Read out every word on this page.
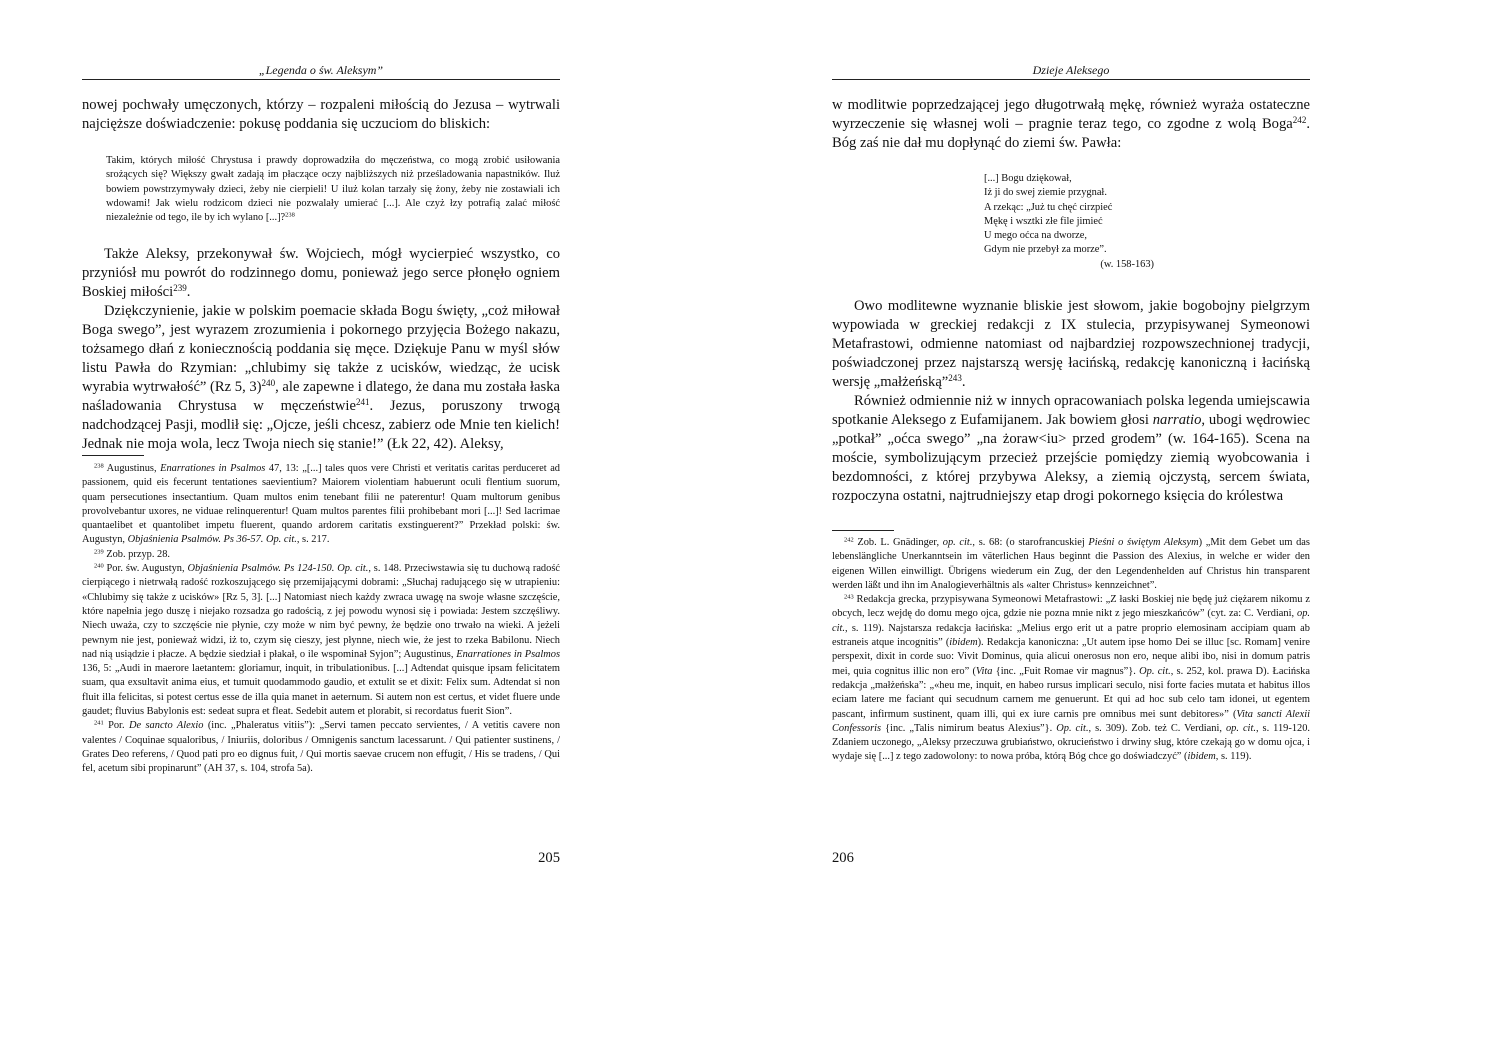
„Legenda o św. Aleksym”

nowej pochwały umęczonych, którzy – rozpaleni miłością do Jezusa – wytrwali najcięższe doświadczenie: pokusę poddania się uczuciom do bliskich:

Takim, których miłość Chrystusa i prawdy doprowadziła do męczeństwa, co mogą zrobić usiłowania srożących się? Większy gwałt zadają im płaczące oczy najbliższych niż prześladowania napastników. Iluż bowiem powstrzymywały dzieci, żeby nie cierpieli! U iluż kolan tarzały się żony, żeby nie zostawiali ich wdowami! Jak wielu rodzicom dzieci nie pozwalały umierać [...]. Ale czyż łzy potrafią zalać miłość niezależnie od tego, ile by ich wylano [...]?$^{238}$

Także Aleksy, przekonywał św. Wojciech, mógł wycierpieć wszystko, co przyniósł mu powrót do rodzinnego domu, ponieważ jego serce płonęło ogniem Boskiej miłości$^{239}$.

Dziękczynienie, jakie w polskim poemacie składa Bogu święty, „coż miłował Boga swego”, jest wyrazem zrozumienia i pokornego przyjęcia Bożego nakazu, tożsamego dłań z koniecznością poddania się męce. Dziękuje Panu w myśl słów listu Pawła do Rzymian: „chlubimy się także z ucisków, wiedząc, że ucisk wyrabia wytrwałość” (Rz 5, 3)$^{240}$, ale zapewne i dlatego, że dana mu została łaska naśladowania Chrystusa w męczeństwie$^{241}$. Jezus, poruszony trwogą nadchodzącej Pasji, modlił się: „Ojcze, jeśli chcesz, zabierz ode Mnie ten kielich! Jednak nie moja wola, lecz Twoja niech się stanie!” (Łk 22, 42). Aleksy,

$^{238}$ Augustinus, Enarrationes in Psalmos 47, 13: „[...] tales quos vere Christi et veritatis caritas perduceret ad passionem, quid eis fecerunt tentationes saevientium? Maiorem violentiam habuerunt oculi flentium suorum, quam persecutiones insectantium. Quam multos enim tenebant filii ne paterentur! Quam multorum genibus provolvebantur uxores, ne viduae relinquerentur! Quam multos parentes filii prohibebant mori [...]! Sed lacrimae quantaelibet et quantolibet impetu fluerent, quando ardorem caritatis exstinguerent?” Przekład polski: św. Augustyn, Objaśnienia Psalmów. Ps 36-57. Op. cit., s. 217.

$^{239}$ Zob. przyp. 28.

$^{240}$ Por. św. Augustyn, Objaśnienia Psalmów. Ps 124-150. Op. cit., s. 148. Przeciwstawia się tu duchową radość cierpiącego i nietrwałą radość rozkoszującego się przemijającymi dobrami: „Słuchaj radującego się w utrapieniu: «Chlubimy się także z ucisków» [Rz 5, 3]. [...] Natomiast niech każdy zwraca uwagę na swoje własne szczęście, które napełnia jego duszę i niejako rozsadza go radością, z jej powodu wynosi się i powiada: Jestem szczęśliwy. Niech uważa, czy to szczęście nie płynie, czy może w nim być pewny, że będzie ono trwało na wieki. A jeżeli pewnym nie jest, ponieważ widzi, iż to, czym się cieszy, jest płynne, niech wie, że jest to rzeka Babilonu. Niech nad nią usiądzie i płacze. A będzie siedział i płakał, o ile wspominał Syjon”; Augustinus, Enarrationes in Psalmos 136, 5: „Audi in maerore laetantem: gloriamur, inquit, in tribulationibus. [...] Adtendat quisque ipsam felicitatem suam, qua exsultavit anima eius, et tumuit quodammodo gaudio, et extulit se et dixit: Felix sum. Adtendat si non fluit illa felicitas, si potest certus esse de illa quia manet in aeternum. Si autem non est certus, et videt fluere unde gaudet; fluvius Babylonis est: sedeat supra et fleat. Sedebit autem et plorabit, si recordatus fuerit Sion”.

$^{241}$ Por. De sancto Alexio (inc. „Phaleratus vitiis”): „Servi tamen peccato servientes, / A vetitis cavere non valentes / Coquinae squaloribus, / Iniuriis, doloribus / Omnigenis sanctum lacessarunt. / Qui patienter sustinens, / Grates Deo referens, / Quod pati pro eo dignus fuit, / Qui mortis saevae crucem non effugit, / His se tradens, / Qui fel, acetum sibi propinarunt” (AH 37, s. 104, strofa 5a).

205
Dzieje Aleksego

w modlitwie poprzedzającej jego długotrwałą mękę, również wyraża ostateczne wyrzeczenie się własnej woli – pragnie teraz tego, co zgodne z wolą Boga$^{242}$. Bóg zaś nie dał mu dopłynąć do ziemi św. Pawła:

[...] Bogu dziękował,
Iż ji do swej ziemie przygnał.
A rzekąc: „Już tu chęć cirzpieć
Mękę i wsztki złe file jimieć
U mego oćca na dworze,
Gdym nie przebył za morze”.
(w. 158-163)

Owo modlitewne wyznanie bliskie jest słowom, jakie bogobojny pielgrzym wypowiada w greckiej redakcji z IX stulecia, przypisywanej Symeonowi Metafrastowi, odmienne natomiast od najbardziej rozpowszechnionej tradycji, poświadczonej przez najstarszą wersję łacińską, redakcję kanoniczną i łacińską wersję „małżeńską”$^{243}$.

Również odmiennie niż w innych opracowaniach polska legenda umiejscawia spotkanie Aleksego z Eufamijanem. Jak bowiem głosi narratio, ubogi wędrowiec „potkał” „oćca swego” „na żoraw<iu> przed grodem” (w. 164-165). Scena na moście, symbolizującym przecież przejście pomiędzy ziemią wyobcowania i bezdomności, z której przybywa Aleksy, a ziemią ojczystą, sercem świata, rozpoczyna ostatni, najtrudniejszy etap drogi pokornego księcia do królestwa

$^{242}$ Zob. L. Gnädinger, op. cit., s. 68: (o starofrancuskiej Pieśni o świętym Aleksym) „Mit dem Gebet um das lebenslängliche Unerkanntsein im väterlichen Haus beginnt die Passion des Alexius, in welche er wider den eigenen Willen einwilligt. Übrigens wiederum ein Zug, der den Legendenhelden auf Christus hin transparent werden läßt und ihn im Analogieverhältnis als «alter Christus» kennzeichnet”.

$^{243}$ Redakcja grecka, przypisywana Symeonowi Metafrastowi: „Z łaski Boskiej nie będę już ciężarem nikomu z obcych, lecz wejdę do domu mego ojca, gdzie nie pozna mnie nikt z jego mieszkańców” (cyt. za: C. Verdiani, op. cit., s. 119). Najstarsza redakcja łacińska: „Melius ergo erit ut a patre proprio elemosinam accipiam quam ab estraneis atque incognitis” (ibidem). Redakcja kanoniczna: „Ut autem ipse homo Dei se illuc [sc. Romam] venire perspexit, dixit in corde suo: Vivit Dominus, quia alicui onerosus non ero, neque alibi ibo, nisi in domum patris mei, quia cognitus illic non ero” (Vita {inc. „Fuit Romae vir magnus”}. Op. cit., s. 252, kol. prawa D). Łacińska redakcja „małżeńska”: „«heu me, inquit, en habeo rursus implicari seculo, nisi forte facies mutata et habitus illos eciam latere me faciant qui secudnum carnem me genuerunt. Et qui ad hoc sub celo tam idonei, ut egentem pascant, infirmum sustinent, quam illi, qui ex iure carnis pre omnibus mei sunt debitores»” (Vita sancti Alexii Confessoris {inc. „Talis nimirum beatus Alexius”}. Op. cit., s. 309). Zob. też C. Verdiani, op. cit., s. 119-120. Zdaniem uczonego, „Aleksy przeczuwa grubiaństwo, okrucieństwo i drwiny sług, które czekają go w domu ojca, i wydaje się [...] z tego zadowolony: to nowa próba, którą Bóg chce go doświadczyć” (ibidem, s. 119).

206
